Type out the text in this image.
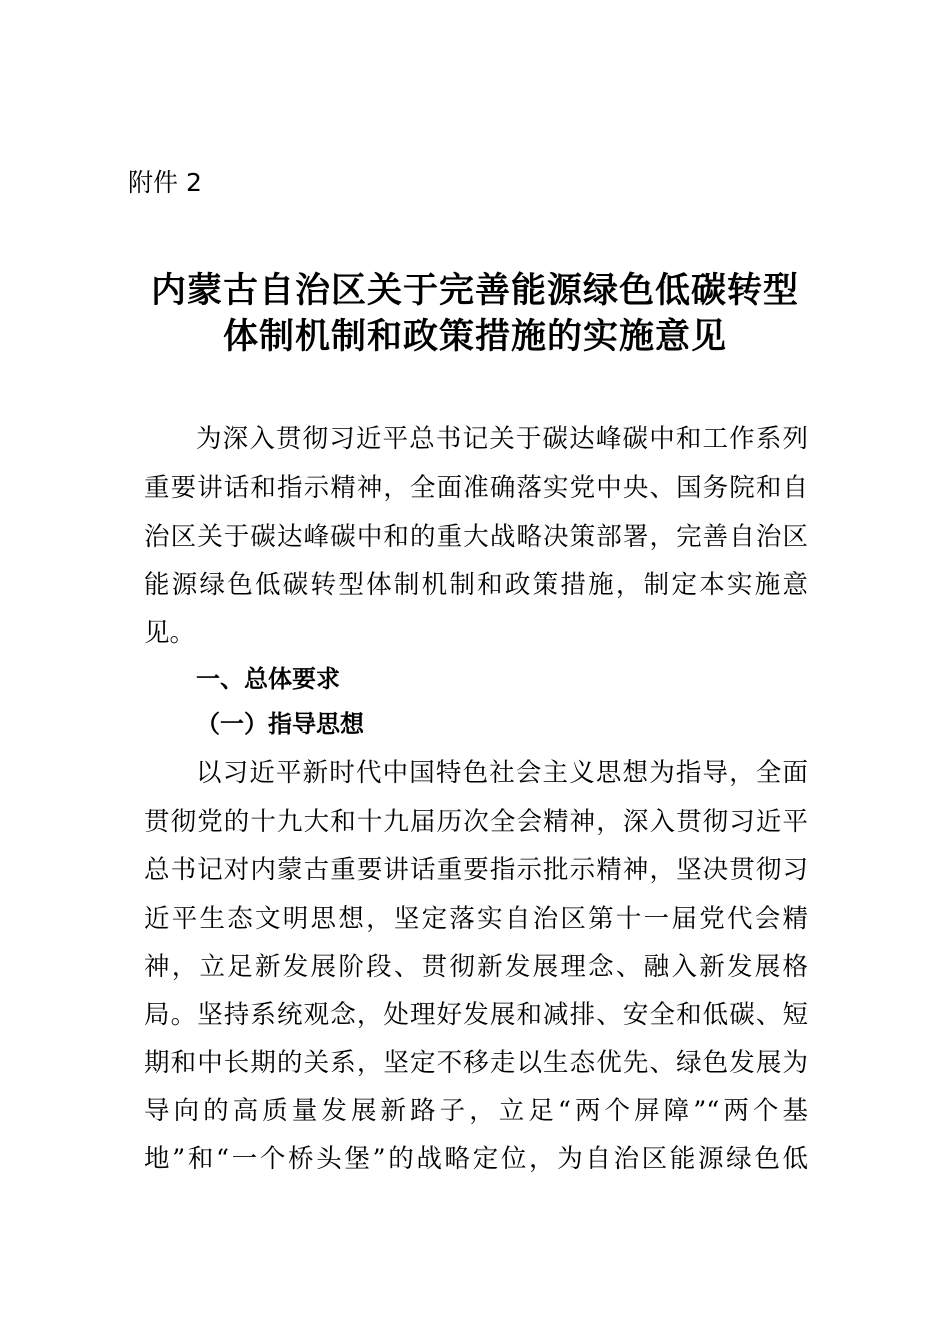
附件 2
内蒙古自治区关于完善能源绿色低碳转型
体制机制和政策措施的实施意见
为深入贯彻习近平总书记关于碳达峰碳中和工作系列
重要讲话和指示精神，全面准确落实党中央、国务院和自
治区关于碳达峰碳中和的重大战略决策部署，完善自治区
能源绿色低碳转型体制机制和政策措施，制定本实施意
见。
一、总体要求
（一）指导思想
以习近平新时代中国特色社会主义思想为指导，全面
贯彻党的十九大和十九届历次全会精神，深入贯彻习近平
总书记对内蒙古重要讲话重要指示批示精神，坚决贯彻习
近平生态文明思想，坚定落实自治区第十一届党代会精
神，立足新发展阶段、贯彻新发展理念、融入新发展格
局。坚持系统观念，处理好发展和减排、安全和低碳、短
期和中长期的关系，坚定不移走以生态优先、绿色发展为
导向的高质量发展新路子，立足“两个屏障”“两个基
地”和“一个桥头堡”的战略定位，为自治区能源绿色低
